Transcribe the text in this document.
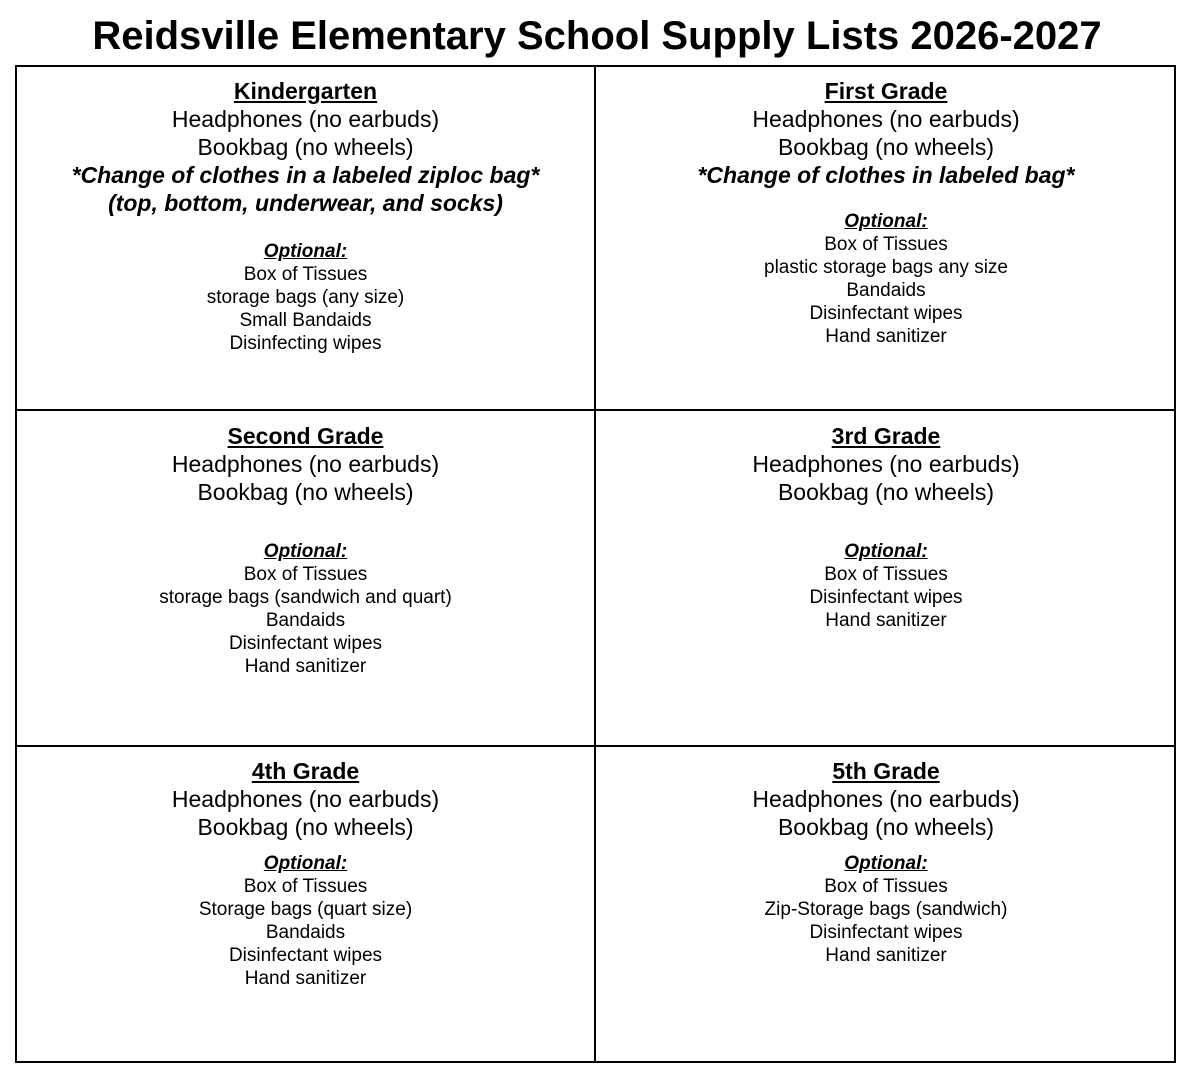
Reidsville Elementary School Supply Lists 2026-2027
Kindergarten
Headphones (no earbuds)
Bookbag (no wheels)
*Change of clothes in a labeled ziploc bag*
(top, bottom, underwear, and socks)
Optional:
Box of Tissues
storage bags (any size)
Small Bandaids
Disinfecting wipes
First Grade
Headphones (no earbuds)
Bookbag (no wheels)
*Change of clothes in labeled bag*
Optional:
Box of Tissues
plastic storage bags any size
Bandaids
Disinfectant wipes
Hand sanitizer
Second Grade
Headphones (no earbuds)
Bookbag (no wheels)
Optional:
Box of Tissues
storage bags (sandwich and quart)
Bandaids
Disinfectant wipes
Hand sanitizer
3rd Grade
Headphones (no earbuds)
Bookbag (no wheels)
Optional:
Box of Tissues
Disinfectant wipes
Hand sanitizer
4th Grade
Headphones (no earbuds)
Bookbag (no wheels)
Optional:
Box of Tissues
Storage bags (quart size)
Bandaids
Disinfectant wipes
Hand sanitizer
5th Grade
Headphones (no earbuds)
Bookbag (no wheels)
Optional:
Box of Tissues
Zip-Storage bags (sandwich)
Disinfectant wipes
Hand sanitizer
